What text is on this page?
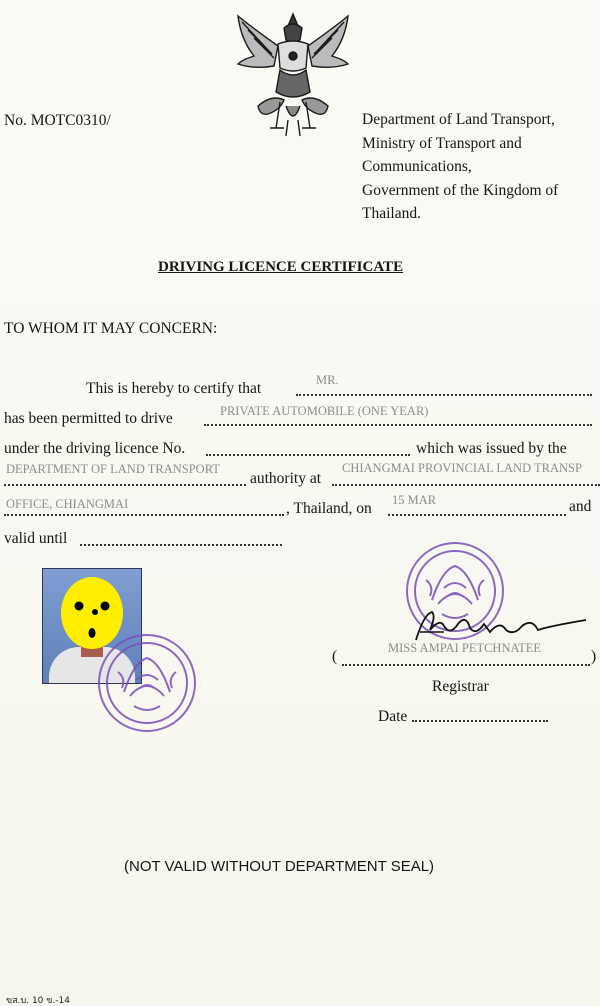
No. MOTC0310/	Department of Land Transport,
Ministry of Transport and
Communications,
Government of the Kingdom of
Thailand.
DRIVING LICENCE CERTIFICATE
TO WHOM IT MAY CONCERN:
This is hereby to certify that	MR.
has been permitted to drive	PRIVATE AUTOMOBILE (ONE YEAR)
under the driving licence No.	which was issued by the
DEPARTMENT OF LAND TRANSPORT
authority at
CHIANGMAI PROVINCIAL LAND TRANSP
OFFICE, CHIANGMAI	, Thailand, on 15 MAR	and
valid until
(	MISS AMPAI PETCHNATEE	)
Registrar
Date
(NOT VALID WITHOUT DEPARTMENT SEAL)
ขส.บ. 10 ข.-14
